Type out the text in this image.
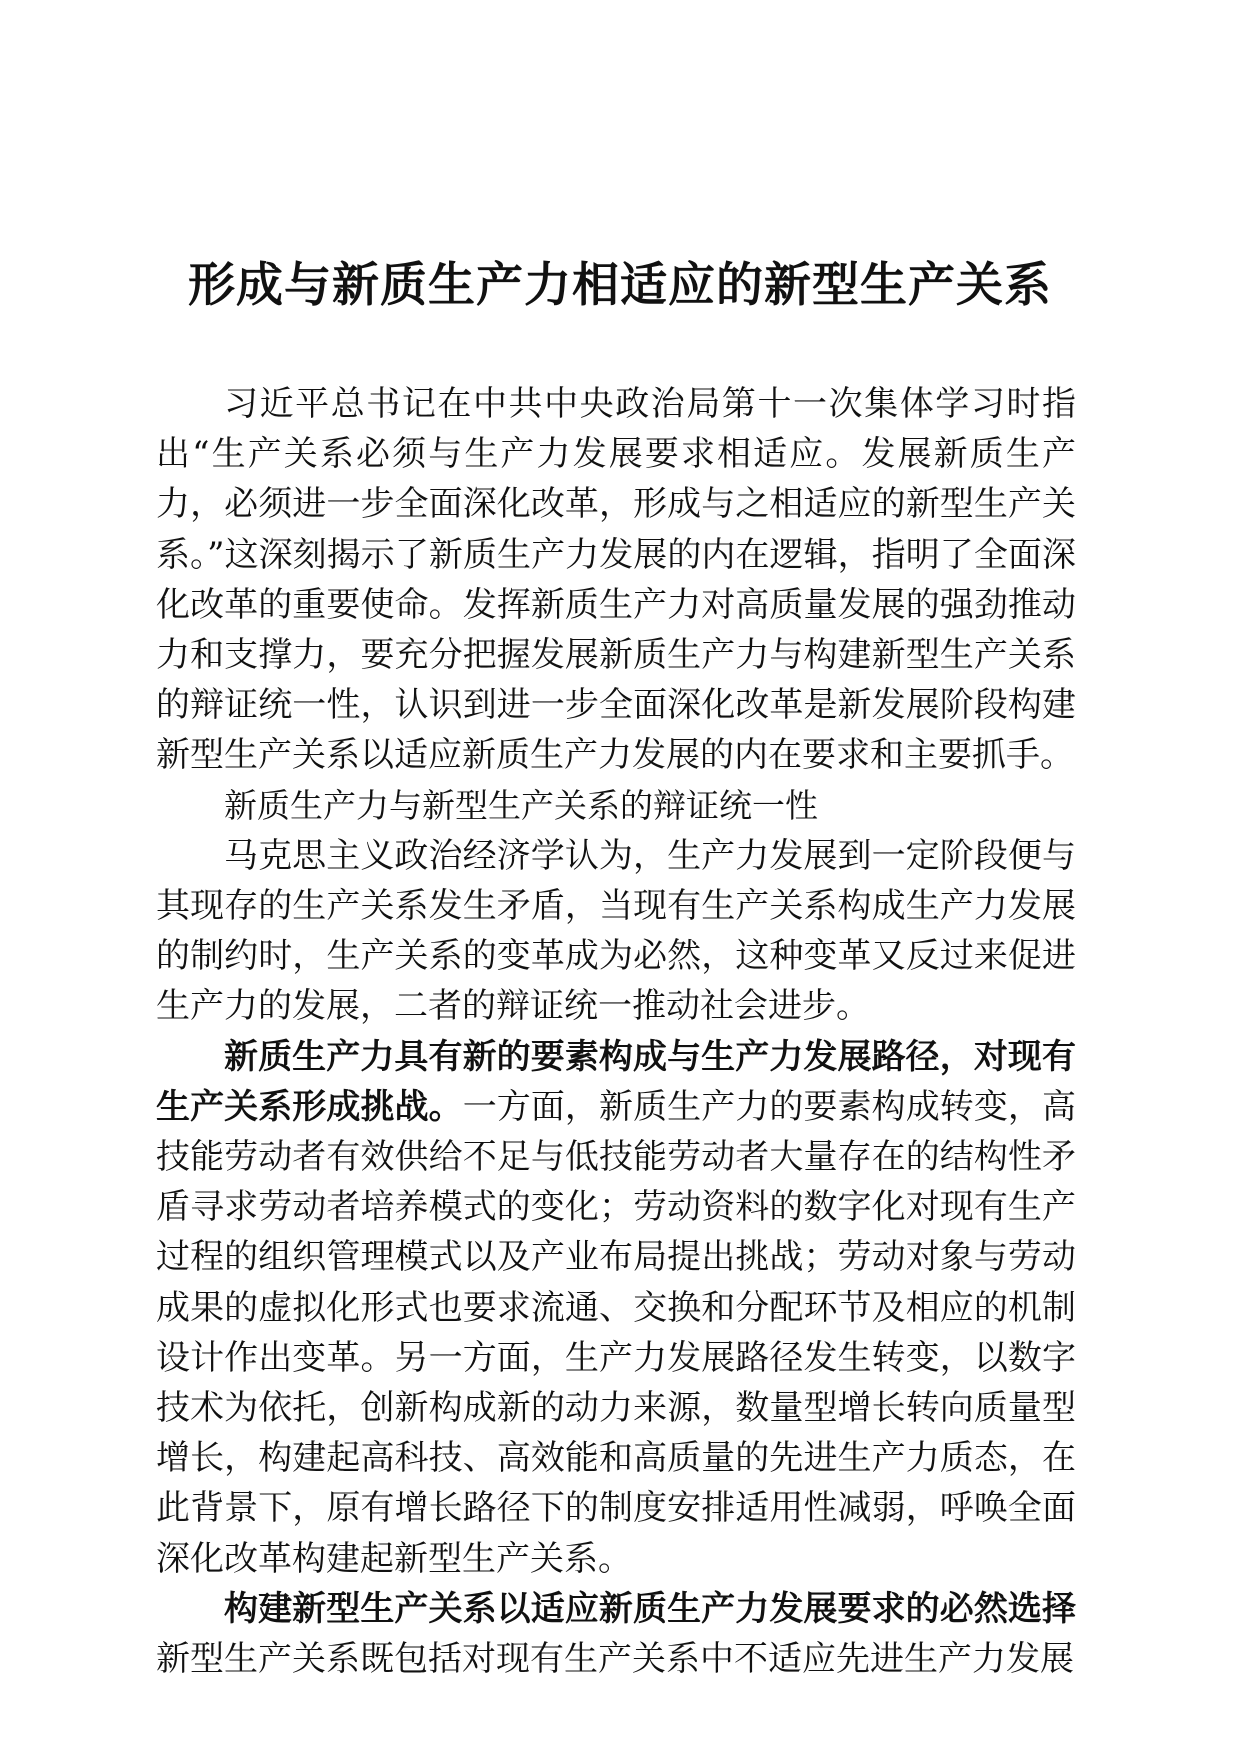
形成与新质生产力相适应的新型生产关系

习近平总书记在中共中央政治局第十一次集体学习时指出“生产关系必须与生产力发展要求相适应。发展新质生产力，必须进一步全面深化改革，形成与之相适应的新型生产关系。”这深刻揭示了新质生产力发展的内在逻辑，指明了全面深化改革的重要使命。发挥新质生产力对高质量发展的强劲推动力和支撑力，要充分把握发展新质生产力与构建新型生产关系的辩证统一性，认识到进一步全面深化改革是新发展阶段构建新型生产关系以适应新质生产力发展的内在要求和主要抓手。

新质生产力与新型生产关系的辩证统一性

马克思主义政治经济学认为，生产力发展到一定阶段便与其现存的生产关系发生矛盾，当现有生产关系构成生产力发展的制约时，生产关系的变革成为必然，这种变革又反过来促进生产力的发展，二者的辩证统一推动社会进步。

新质生产力具有新的要素构成与生产力发展路径，对现有生产关系形成挑战。一方面，新质生产力的要素构成转变，高技能劳动者有效供给不足与低技能劳动者大量存在的结构性矛盾寻求劳动者培养模式的变化；劳动资料的数字化对现有生产过程的组织管理模式以及产业布局提出挑战；劳动对象与劳动成果的虚拟化形式也要求流通、交换和分配环节及相应的机制设计作出变革。另一方面，生产力发展路径发生转变，以数字技术为依托，创新构成新的动力来源，数量型增长转向质量型增长，构建起高科技、高效能和高质量的先进生产力质态，在此背景下，原有增长路径下的制度安排适用性减弱，呼唤全面深化改革构建起新型生产关系。

构建新型生产关系以适应新质生产力发展要求的必然选择新型生产关系既包括对现有生产关系中不适应先进生产力发展
